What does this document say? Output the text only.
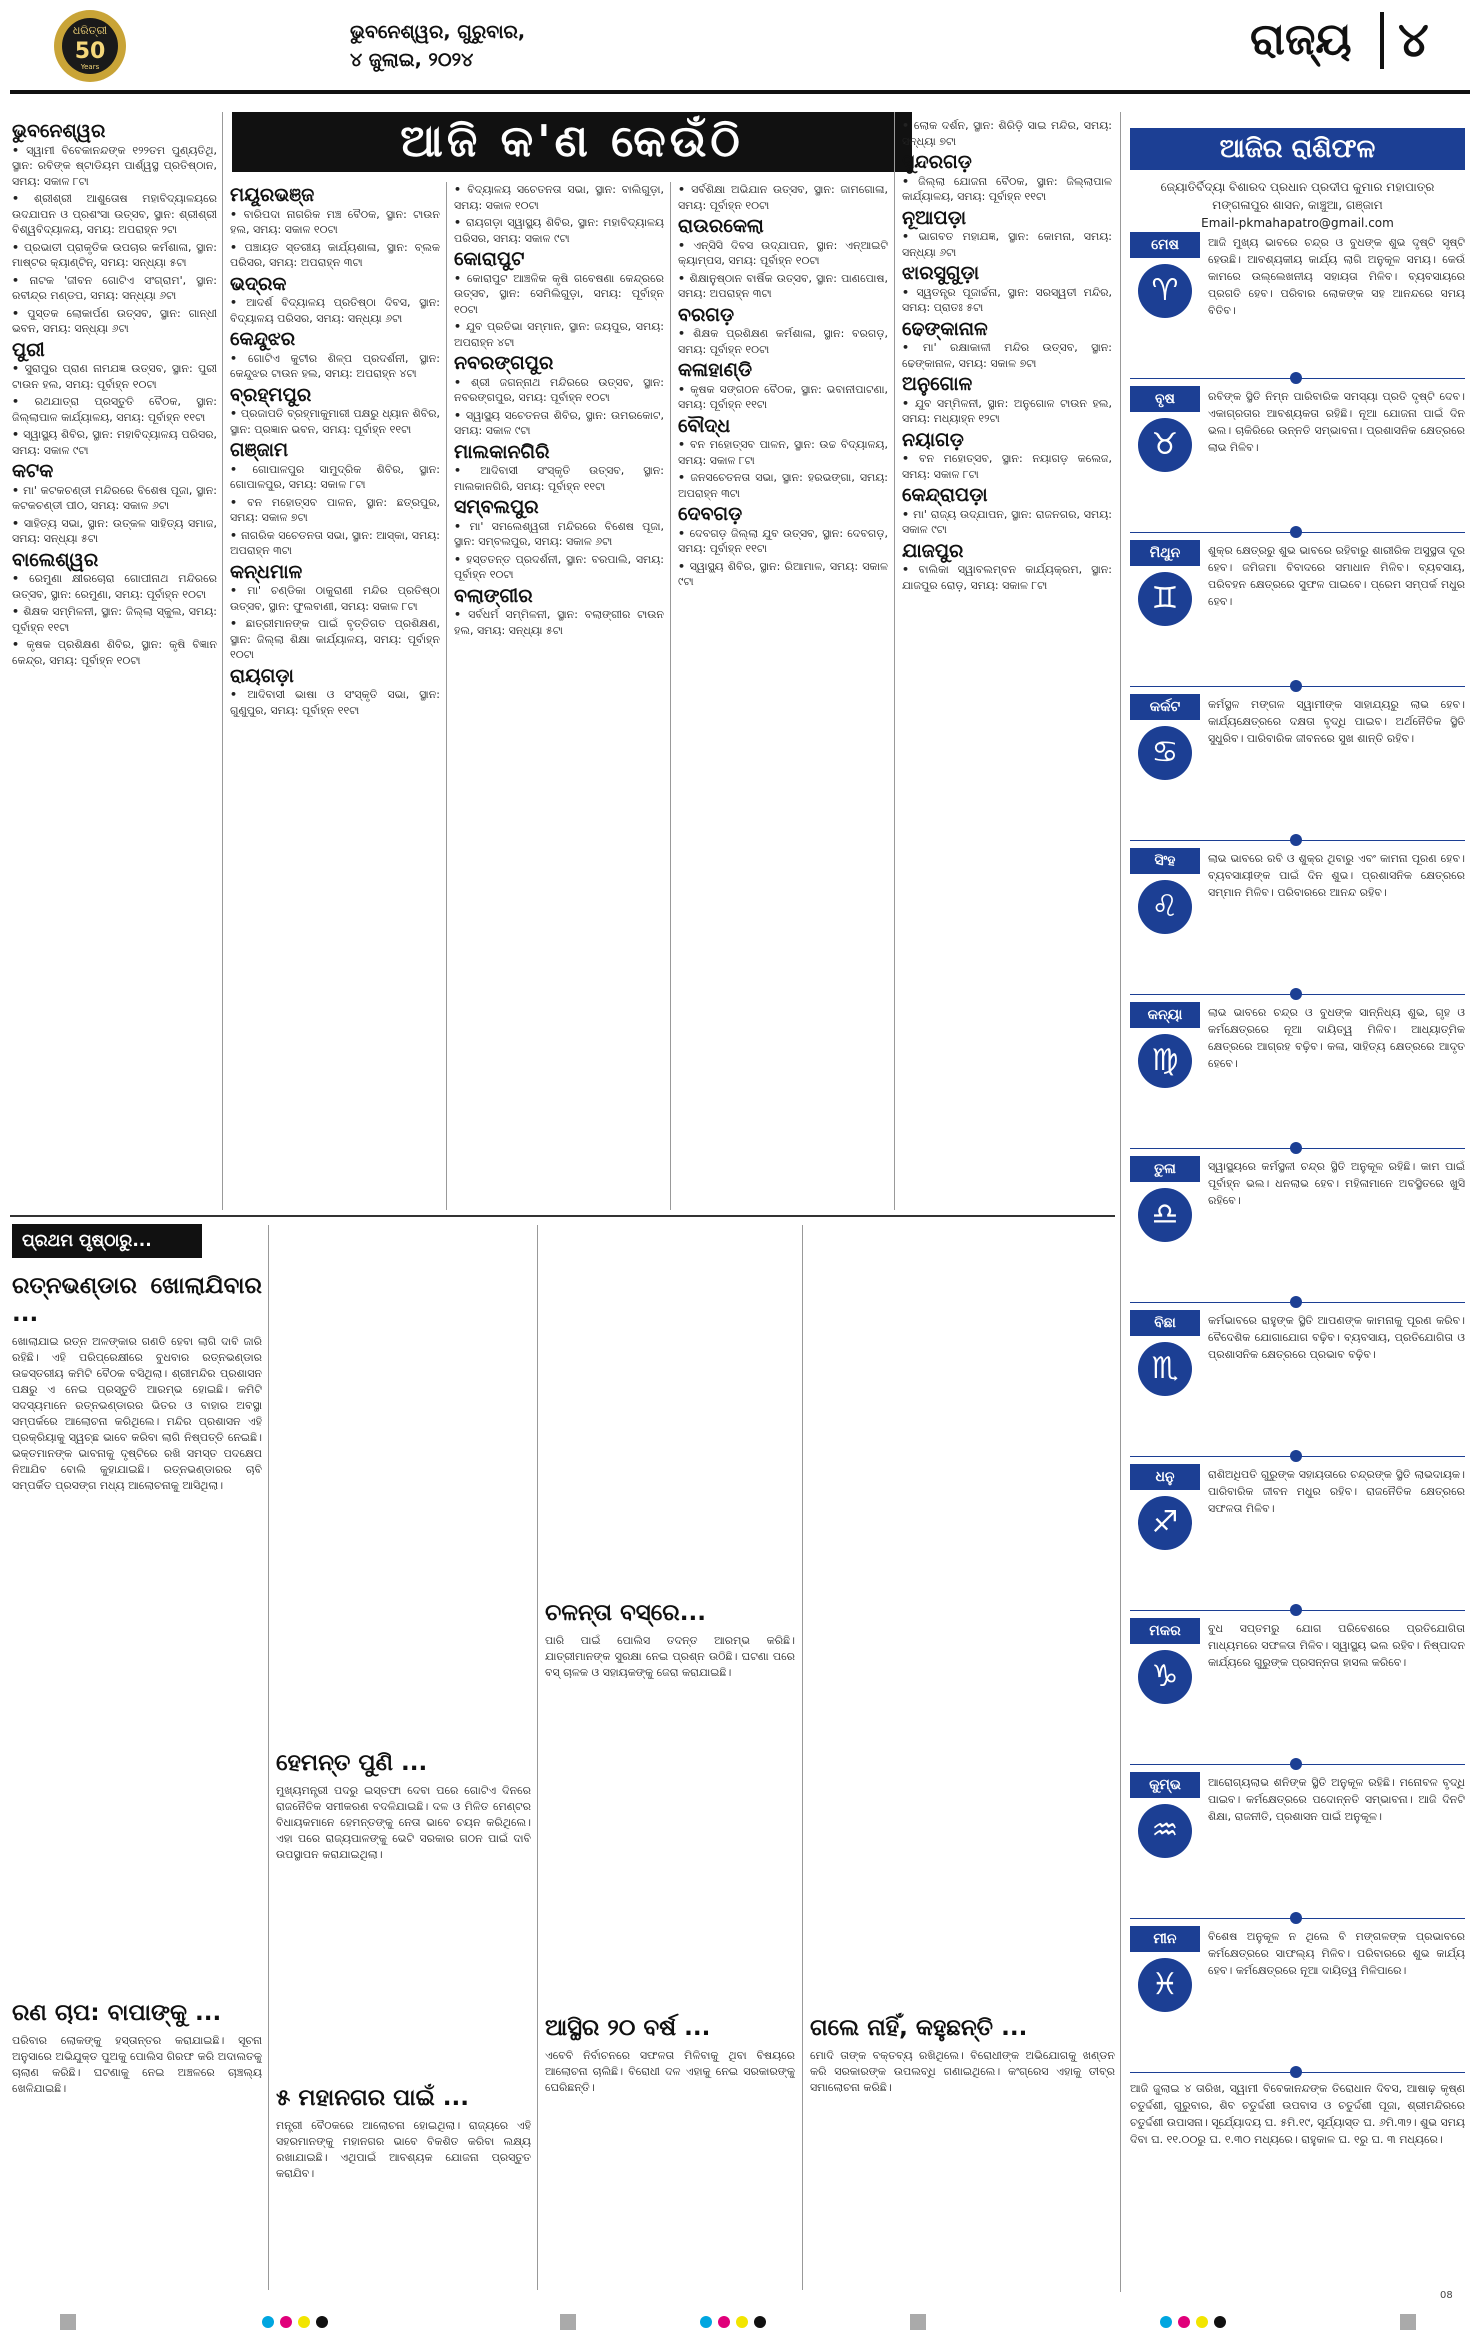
ଧରିତ୍ରୀ
50
Years
ଭୁବନେଶ୍ୱର, ଗୁରୁବାର,
୪ ଜୁଲାଇ, ୨୦୨୪	ରାଜ୍ୟ ୪
ଆଜି କ'ଣ କେଉଁଠି	ଆଜିର ରାଶିଫଳ
ଜ୍ୟୋତିର୍ବିଦ୍ୟା ବିଶାରଦ ପ୍ରଧାନ ପ୍ରଦୀପ କୁମାର ମହାପାତ୍ର
ମଙ୍ଗଳାପୁର ଶାସନ, କାଞ୍ଚୁଆ, ଗଞ୍ଜାମ
Email-pkmahapatro@gmail.com
ଭୁବନେଶ୍ୱର
• ସ୍ୱାମୀ ବିବେକାନନ୍ଦଙ୍କ ୧୨୨ତମ ପୁଣ୍ୟତିଥି, ସ୍ଥାନ: ରବିଙ୍କ ଷ୍ଟାଡିୟମ ପାର୍ଶ୍ୱସ୍ଥ ପ୍ରତିଷ୍ଠାନ, ସମୟ: ସକାଳ ୮ଟା
• ଶ୍ରୀଶ୍ରୀ ଆଶୁତୋଷ ମହାବିଦ୍ୟାଳୟରେ ଉଦଯାପନ ଓ ପ୍ରଶଂସା ଉତ୍ସବ, ସ୍ଥାନ: ଶ୍ରୀଶ୍ରୀ ବିଶ୍ୱବିଦ୍ୟାଳୟ, ସମୟ: ଅପରାହ୍ନ ୨ଟା
• ପ୍ରଭାତୀ ପ୍ରାକୃତିକ ଉପଚାର କର୍ମଶାଳା, ସ୍ଥାନ: ମାଷ୍ଟର କ୍ୟାଣ୍ଟିନ୍, ସମୟ: ସନ୍ଧ୍ୟା ୫ଟା
• ନାଟକ 'ଜୀବନ ଗୋଟିଏ ସଂଗ୍ରାମ', ସ୍ଥାନ: ରବୀନ୍ଦ୍ର ମଣ୍ଡପ, ସମୟ: ସନ୍ଧ୍ୟା ୬ଟା
• ପୁସ୍ତକ ଲୋକାର୍ପଣ ଉତ୍ସବ, ସ୍ଥାନ: ଗାନ୍ଧୀ ଭବନ, ସମୟ: ସନ୍ଧ୍ୟା ୬ଟା
ପୁରୀ
• ସୁରାପୁର ପ୍ରାଣ ନାମଯଜ୍ଞ ଉତ୍ସବ, ସ୍ଥାନ: ପୁରୀ ଟାଉନ ହଲ, ସମୟ: ପୂର୍ବାହ୍ନ ୧୦ଟା
• ରଥଯାତ୍ରା ପ୍ରସ୍ତୁତି ବୈଠକ, ସ୍ଥାନ: ଜିଲ୍ଲାପାଳ କାର୍ଯ୍ୟାଳୟ, ସମୟ: ପୂର୍ବାହ୍ନ ୧୧ଟା
• ସ୍ୱାସ୍ଥ୍ୟ ଶିବିର, ସ୍ଥାନ: ମହାବିଦ୍ୟାଳୟ ପରିସର, ସମୟ: ସକାଳ ୯ଟା
କଟକ
• ମା' କଟକଚଣ୍ଡୀ ମନ୍ଦିରରେ ବିଶେଷ ପୂଜା, ସ୍ଥାନ: କଟକଚଣ୍ଡୀ ପୀଠ, ସମୟ: ସକାଳ ୬ଟା
• ସାହିତ୍ୟ ସଭା, ସ୍ଥାନ: ଉତ୍କଳ ସାହିତ୍ୟ ସମାଜ, ସମୟ: ସନ୍ଧ୍ୟା ୫ଟା
ବାଲେଶ୍ୱର
• ରେମୁଣା କ୍ଷୀରଚୋରା ଗୋପୀନାଥ ମନ୍ଦିରରେ ଉତ୍ସବ, ସ୍ଥାନ: ରେମୁଣା, ସମୟ: ପୂର୍ବାହ୍ନ ୧୦ଟା
• ଶିକ୍ଷକ ସମ୍ମିଳନୀ, ସ୍ଥାନ: ଜିଲ୍ଲା ସ୍କୁଲ, ସମୟ: ପୂର୍ବାହ୍ନ ୧୧ଟା
• କୃଷକ ପ୍ରଶିକ୍ଷଣ ଶିବିର, ସ୍ଥାନ: କୃଷି ବିଜ୍ଞାନ କେନ୍ଦ୍ର, ସମୟ: ପୂର୍ବାହ୍ନ ୧୦ଟା
ମୟୂରଭଞ୍ଜ
• ବାରିପଦା ନାଗରିକ ମଞ୍ଚ ବୈଠକ, ସ୍ଥାନ: ଟାଉନ ହଲ, ସମୟ: ସକାଳ ୧୦ଟା
• ପଞ୍ଚାୟତ ସ୍ତରୀୟ କାର୍ଯ୍ୟଶାଳା, ସ୍ଥାନ: ବ୍ଲକ ପରିସର, ସମୟ: ଅପରାହ୍ନ ୩ଟା
ଭଦ୍ରକ
• ଆଦର୍ଶ ବିଦ୍ୟାଳୟ ପ୍ରତିଷ୍ଠା ଦିବସ, ସ୍ଥାନ: ବିଦ୍ୟାଳୟ ପରିସର, ସମୟ: ସନ୍ଧ୍ୟା ୬ଟା
କେନ୍ଦୁଝର
• ଗୋଟିଏ କୁଟୀର ଶିଳ୍ପ ପ୍ରଦର୍ଶନୀ, ସ୍ଥାନ: କେନ୍ଦୁଝର ଟାଉନ ହଲ, ସମୟ: ଅପରାହ୍ନ ୪ଟା
ବ୍ରହ୍ମପୁର
• ପ୍ରଜାପତି ବ୍ରହ୍ମାକୁମାରୀ ପକ୍ଷରୁ ଧ୍ୟାନ ଶିବିର, ସ୍ଥାନ: ପ୍ରଜ୍ଞାନ ଭବନ, ସମୟ: ପୂର୍ବାହ୍ନ ୧୧ଟା
ଗଞ୍ଜାମ
• ଗୋପାଳପୁର ସାମୁଦ୍ରିକ ଶିବିର, ସ୍ଥାନ: ଗୋପାଳପୁର, ସମୟ: ସକାଳ ୮ଟା
• ବନ ମହୋତ୍ସବ ପାଳନ, ସ୍ଥାନ: ଛତ୍ରପୁର, ସମୟ: ସକାଳ ୭ଟା
• ନାଗରିକ ସଚେତନତା ସଭା, ସ୍ଥାନ: ଆସ୍କା, ସମୟ: ଅପରାହ୍ନ ୩ଟା
କନ୍ଧମାଳ
• ମା' ଚଣ୍ଡିକା ଠାକୁରାଣୀ ମନ୍ଦିର ପ୍ରତିଷ୍ଠା ଉତ୍ସବ, ସ୍ଥାନ: ଫୁଲବାଣୀ, ସମୟ: ସକାଳ ୮ଟା
• ଛାତ୍ରୀମାନଙ୍କ ପାଇଁ ବୃତ୍ତିଗତ ପ୍ରଶିକ୍ଷଣ, ସ୍ଥାନ: ଜିଲ୍ଲା ଶିକ୍ଷା କାର୍ଯ୍ୟାଳୟ, ସମୟ: ପୂର୍ବାହ୍ନ ୧୦ଟା
ରାୟଗଡ଼ା
• ଆଦିବାସୀ ଭାଷା ଓ ସଂସ୍କୃତି ସଭା, ସ୍ଥାନ: ଗୁଣୁପୁର, ସମୟ: ପୂର୍ବାହ୍ନ ୧୧ଟା
• ବିଦ୍ୟାଳୟ ସଚେତନତା ସଭା, ସ୍ଥାନ: ବାଲିଗୁଡ଼ା, ସମୟ: ସକାଳ ୧୦ଟା
• ରାୟଗଡ଼ା ସ୍ୱାସ୍ଥ୍ୟ ଶିବିର, ସ୍ଥାନ: ମହାବିଦ୍ୟାଳୟ ପରିସର, ସମୟ: ସକାଳ ୯ଟା
କୋରାପୁଟ
• କୋରାପୁଟ ଆଞ୍ଚଳିକ କୃଷି ଗବେଷଣା କେନ୍ଦ୍ରରେ ଉତ୍ସବ, ସ୍ଥାନ: ସେମିଲିଗୁଡ଼ା, ସମୟ: ପୂର୍ବାହ୍ନ ୧୦ଟା
• ଯୁବ ପ୍ରତିଭା ସମ୍ମାନ, ସ୍ଥାନ: ଜୟପୁର, ସମୟ: ଅପରାହ୍ନ ୪ଟା
ନବରଙ୍ଗପୁର
• ଶ୍ରୀ ଜଗନ୍ନାଥ ମନ୍ଦିରରେ ଉତ୍ସବ, ସ୍ଥାନ: ନବରଙ୍ଗପୁର, ସମୟ: ପୂର୍ବାହ୍ନ ୧୦ଟା
• ସ୍ୱାସ୍ଥ୍ୟ ସଚେତନତା ଶିବିର, ସ୍ଥାନ: ଉମରକୋଟ, ସମୟ: ସକାଳ ୯ଟା
ମାଲକାନଗିରି
• ଆଦିବାସୀ ସଂସ୍କୃତି ଉତ୍ସବ, ସ୍ଥାନ: ମାଲକାନଗିରି, ସମୟ: ପୂର୍ବାହ୍ନ ୧୧ଟା
ସମ୍ବଲପୁର
• ମା' ସମଲେଶ୍ୱରୀ ମନ୍ଦିରରେ ବିଶେଷ ପୂଜା, ସ୍ଥାନ: ସମ୍ବଲପୁର, ସମୟ: ସକାଳ ୬ଟା
• ହସ୍ତତନ୍ତ ପ୍ରଦର୍ଶନୀ, ସ୍ଥାନ: ବରପାଲି, ସମୟ: ପୂର୍ବାହ୍ନ ୧୦ଟା
ବଲାଙ୍ଗୀର
• ସର୍ବଧର୍ମ ସମ୍ମିଳନୀ, ସ୍ଥାନ: ବଲାଙ୍ଗୀର ଟାଉନ ହଲ, ସମୟ: ସନ୍ଧ୍ୟା ୫ଟା
• ସର୍ବଶିକ୍ଷା ଅଭିଯାନ ଉତ୍ସବ, ସ୍ଥାନ: ଜାମଗୋଳା, ସମୟ: ପୂର୍ବାହ୍ନ ୧୦ଟା
ରାଉରକେଲା
• ଏନ୍‌ସିସି ଦିବସ ଉଦ୍‌ଯାପନ, ସ୍ଥାନ: ଏନ୍‌ଆଇଟି କ୍ୟାମ୍ପସ, ସମୟ: ପୂର୍ବାହ୍ନ ୧୦ଟା
• ଶିକ୍ଷାନୁଷ୍ଠାନ ବାର୍ଷିକ ଉତ୍ସବ, ସ୍ଥାନ: ପାଣପୋଷ, ସମୟ: ଅପରାହ୍ନ ୩ଟା
ବରଗଡ଼
• ଶିକ୍ଷକ ପ୍ରଶିକ୍ଷଣ କର୍ମଶାଳା, ସ୍ଥାନ: ବରଗଡ଼, ସମୟ: ପୂର୍ବାହ୍ନ ୧୦ଟା
କଳାହାଣ୍ଡି
• କୃଷକ ସଙ୍ଗଠନ ବୈଠକ, ସ୍ଥାନ: ଭବାନୀପାଟଣା, ସମୟ: ପୂର୍ବାହ୍ନ ୧୧ଟା
ବୌଦ୍ଧ
• ବନ ମହୋତ୍ସବ ପାଳନ, ସ୍ଥାନ: ଉଚ୍ଚ ବିଦ୍ୟାଳୟ, ସମୟ: ସକାଳ ୮ଟା
• ଜନସଚେତନତା ସଭା, ସ୍ଥାନ: ହରଭଙ୍ଗା, ସମୟ: ଅପରାହ୍ନ ୩ଟା
ଦେବଗଡ଼
• ଦେବଗଡ଼ ଜିଲ୍ଲା ଯୁବ ଉତ୍ସବ, ସ୍ଥାନ: ଦେବଗଡ଼, ସମୟ: ପୂର୍ବାହ୍ନ ୧୧ଟା
• ସ୍ୱାସ୍ଥ୍ୟ ଶିବିର, ସ୍ଥାନ: ରିଆମାଳ, ସମୟ: ସକାଳ ୯ଟା
• ଲୋକ ଦର୍ଶନ, ସ୍ଥାନ: ଶିରିଡ଼ି ସାଇ ମନ୍ଦିର, ସମୟ: ସନ୍ଧ୍ୟା ୭ଟା
ସୁନ୍ଦରଗଡ଼
• ଜିଲ୍ଲା ଯୋଜନା ବୈଠକ, ସ୍ଥାନ: ଜିଲ୍ଲାପାଳ କାର୍ଯ୍ୟାଳୟ, ସମୟ: ପୂର୍ବାହ୍ନ ୧୧ଟା
ନୂଆପଡ଼ା
• ଭାଗବତ ମହାଯଜ୍ଞ, ସ୍ଥାନ: କୋମନା, ସମୟ: ସନ୍ଧ୍ୟା ୬ଟା
ଝାରସୁଗୁଡ଼ା
• ସ୍ୱତନ୍ତ୍ର ପୂଜାର୍ଚ୍ଚନା, ସ୍ଥାନ: ସରସ୍ୱତୀ ମନ୍ଦିର, ସମୟ: ପ୍ରାତଃ ୫ଟା
ଢେଙ୍କାନାଳ
• ମା' ରକ୍ଷାକାଳୀ ମନ୍ଦିର ଉତ୍ସବ, ସ୍ଥାନ: ଢେଙ୍କାନାଳ, ସମୟ: ସକାଳ ୭ଟା
ଅନୁଗୋଳ
• ଯୁବ ସମ୍ମିଳନୀ, ସ୍ଥାନ: ଅନୁଗୋଳ ଟାଉନ ହଲ, ସମୟ: ମଧ୍ୟାହ୍ନ ୧୨ଟା
ନୟାଗଡ଼
• ବନ ମହୋତ୍ସବ, ସ୍ଥାନ: ନୟାଗଡ଼ କଲେଜ, ସମୟ: ସକାଳ ୮ଟା
କେନ୍ଦ୍ରାପଡ଼ା
• ମା' ରାଜ୍ୟ ଉଦ୍‌ଯାପନ, ସ୍ଥାନ: ରାଜନଗର, ସମୟ: ସକାଳ ୯ଟା
ଯାଜପୁର
• ବାଲିକା ସ୍ୱାବଲମ୍ବନ କାର୍ଯ୍ୟକ୍ରମ, ସ୍ଥାନ: ଯାଜପୁର ରୋଡ଼, ସମୟ: ସକାଳ ୮ଟା
ପ୍ରଥମ ପୃଷ୍ଠାରୁ...
ରତ୍ନଭଣ୍ଡାର ଖୋଲାଯିବାର ...
ଖୋଲାଯାଇ ରତ୍ନ ଅଳଙ୍କାର ଗଣତି ହେବା ଲାଗି ଦାବି ଜାରି ରହିଛି। ଏହି ପରିପ୍ରେକ୍ଷୀରେ ବୁଧବାର ରତ୍ନଭଣ୍ଡାର ଉଚ୍ଚସ୍ତରୀୟ କମିଟି ବୈଠକ ବସିଥିଲା। ଶ୍ରୀମନ୍ଦିର ପ୍ରଶାସନ ପକ୍ଷରୁ ଏ ନେଇ ପ୍ରସ୍ତୁତି ଆରମ୍ଭ ହୋଇଛି। କମିଟି ସଦସ୍ୟମାନେ ରତ୍ନଭଣ୍ଡାରର ଭିତର ଓ ବାହାର ଅବସ୍ଥା ସମ୍ପର୍କରେ ଆଲୋଚନା କରିଥିଲେ। ମନ୍ଦିର ପ୍ରଶାସନ ଏହି ପ୍ରକ୍ରିୟାକୁ ସ୍ୱଚ୍ଛ ଭାବେ କରିବା ଲାଗି ନିଷ୍ପତ୍ତି ନେଇଛି। ଭକ୍ତମାନଙ୍କ ଭାବନାକୁ ଦୃଷ୍ଟିରେ ରଖି ସମସ୍ତ ପଦକ୍ଷେପ ନିଆଯିବ ବୋଲି କୁହାଯାଇଛି। ରତ୍ନଭଣ୍ଡାରର ଚାବି ସମ୍ପର୍କିତ ପ୍ରସଙ୍ଗ ମଧ୍ୟ ଆଲୋଚନାକୁ ଆସିଥିଲା।
ରଣ ଚାପ: ବାପାଙ୍କୁ ...
ପରିବାର ଲୋକଙ୍କୁ ହସ୍ତାନ୍ତର କରାଯାଇଛି। ସୂଚନା ଅନୁସାରେ ଅଭିଯୁକ୍ତ ପୁଅକୁ ପୋଲିସ ଗିରଫ କରି ଅଦାଲତକୁ ଚାଲାଣ କରିଛି। ଘଟଣାକୁ ନେଇ ଅଞ୍ଚଳରେ ଚାଞ୍ଚଲ୍ୟ ଖେଳିଯାଇଛି।
ହେମନ୍ତ ପୁଣି ...
ମୁଖ୍ୟମନ୍ତ୍ରୀ ପଦରୁ ଇସ୍ତଫା ଦେବା ପରେ ଗୋଟିଏ ଦିନରେ ରାଜନୈତିକ ସମୀକରଣ ବଦଳିଯାଇଛି। ଦଳ ଓ ମିଳିତ ମେଣ୍ଟର ବିଧାୟକମାନେ ହେମନ୍ତଙ୍କୁ ନେତା ଭାବେ ଚୟନ କରିଥିଲେ। ଏହା ପରେ ରାଜ୍ୟପାଳଙ୍କୁ ଭେଟି ସରକାର ଗଠନ ପାଇଁ ଦାବି ଉପସ୍ଥାପନ କରାଯାଇଥିଲା।
୫ ମହାନଗର ପାଇଁ ...
ମନ୍ତ୍ରୀ ବୈଠକରେ ଆଲୋଚନା ହୋଇଥିଲା। ରାଜ୍ୟରେ ଏହି ସହରମାନଙ୍କୁ ମହାନଗର ଭାବେ ବିକଶିତ କରିବା ଲକ୍ଷ୍ୟ ରଖାଯାଇଛି। ଏଥିପାଇଁ ଆବଶ୍ୟକ ଯୋଜନା ପ୍ରସ୍ତୁତ କରାଯିବ।
ଚଳନ୍ତା ବସ୍‌ରେ...
ପାରି ପାଇଁ ପୋଲିସ ତଦନ୍ତ ଆରମ୍ଭ କରିଛି। ଯାତ୍ରୀମାନଙ୍କ ସୁରକ୍ଷା ନେଇ ପ୍ରଶ୍ନ ଉଠିଛି। ଘଟଣା ପରେ ବସ୍ ଚାଳକ ଓ ସହାୟକଙ୍କୁ ଜେରା କରାଯାଇଛି।
ଆସ୍ଥିର ୨୦ ବର୍ଷ ...
ଏବେବି ନିର୍ବାଚନରେ ସଫଳତା ମିଳିବାକୁ ଥିବା ବିଷୟରେ ଆଲୋଚନା ଚାଲିଛି। ବିରୋଧୀ ଦଳ ଏହାକୁ ନେଇ ସରକାରଙ୍କୁ ଘେରିଛନ୍ତି।
ଗଲେ ନାହିଁ, କହୁଛନ୍ତି ...
ମୋଦି ତାଙ୍କ ବକ୍ତବ୍ୟ ରଖିଥିଲେ। ବିରୋଧୀଙ୍କ ଅଭିଯୋଗକୁ ଖଣ୍ଡନ କରି ସରକାରଙ୍କ ଉପଲବ୍ଧି ଗଣାଇଥିଲେ। କଂଗ୍ରେସ ଏହାକୁ ତୀବ୍ର ସମାଲୋଚନା କରିଛି।
ମେଷ
♈
ଆଜି ମୁଖ୍ୟ ଭାବରେ ଚନ୍ଦ୍ର ଓ ବୁଧଙ୍କ ଶୁଭ ଦୃଷ୍ଟି ସୃଷ୍ଟି ହେଉଛି। ଆବଶ୍ୟକୀୟ କାର୍ଯ୍ୟ ଲାଗି ଅନୁକୂଳ ସମୟ। କେଉଁ କାମରେ ଉଲ୍ଲେଖନୀୟ ସହାୟତା ମିଳିବ। ବ୍ୟବସାୟରେ ପ୍ରଗତି ହେବ। ପରିବାର ଲୋକଙ୍କ ସହ ଆନନ୍ଦରେ ସମୟ ବିତିବ।
ବୃଷ
♉
ରବିଙ୍କ ସ୍ଥିତି ନିମ୍ନ ପାରିବାରିକ ସମସ୍ୟା ପ୍ରତି ଦୃଷ୍ଟି ଦେବ। ଏକାଗ୍ରତାର ଆବଶ୍ୟକତା ରହିଛି। ନୂଆ ଯୋଜନା ପାଇଁ ଦିନ ଭଲ। ଚାକିରିରେ ଉନ୍ନତି ସମ୍ଭାବନା। ପ୍ରଶାସନିକ କ୍ଷେତ୍ରରେ ଲାଭ ମିଳିବ।
ମିଥୁନ
♊
ଶୁକ୍ର କ୍ଷେତ୍ରରୁ ଶୁଭ ଭାବରେ ରହିବାରୁ ଶାରୀରିକ ଅସୁସ୍ଥତା ଦୂର ହେବ। ଜମିଜମା ବିବାଦରେ ସମାଧାନ ମିଳିବ। ବ୍ୟବସାୟ, ପରିବହନ କ୍ଷେତ୍ରରେ ସୁଫଳ ପାଇବେ। ପ୍ରେମ ସମ୍ପର୍କ ମଧୁର ହେବ।
କର୍କଟ
♋
କର୍ମସ୍ଥଳ ମଙ୍ଗଳ ସ୍ୱାମୀଙ୍କ ସାହାଯ୍ୟରୁ ଲାଭ ହେବ। କାର୍ଯ୍ୟକ୍ଷେତ୍ରରେ ଦକ୍ଷତା ବୃଦ୍ଧି ପାଇବ। ଅର୍ଥନୈତିକ ସ୍ଥିତି ସୁଧୁରିବ। ପାରିବାରିକ ଜୀବନରେ ସୁଖ ଶାନ୍ତି ରହିବ।
ସିଂହ
♌
ଲାଭ ଭାବରେ ରବି ଓ ଶୁକ୍ର ଥିବାରୁ ଏବଂ କାମନା ପୂରଣ ହେବ। ବ୍ୟବସାୟୀଙ୍କ ପାଇଁ ଦିନ ଶୁଭ। ପ୍ରଶାସନିକ କ୍ଷେତ୍ରରେ ସମ୍ମାନ ମିଳିବ। ପରିବାରରେ ଆନନ୍ଦ ରହିବ।
କନ୍ୟା
♍
ଲାଭ ଭାବରେ ଚନ୍ଦ୍ର ଓ ବୁଧଙ୍କ ସାନ୍ନିଧ୍ୟ ଶୁଭ, ଗୃହ ଓ କର୍ମକ୍ଷେତ୍ରରେ ନୂଆ ଦାୟିତ୍ୱ ମିଳିବ। ଆଧ୍ୟାତ୍ମିକ କ୍ଷେତ୍ରରେ ଆଗ୍ରହ ବଢ଼ିବ। କଳା, ସାହିତ୍ୟ କ୍ଷେତ୍ରରେ ଆଦୃତ ହେବେ।
ତୁଳା
♎
ସ୍ୱାସ୍ଥ୍ୟରେ କର୍ମସ୍ଥଳୀ ଚନ୍ଦ୍ର ସ୍ଥିତି ଅନୁକୂଳ ରହିଛି। କାମ ପାଇଁ ପୂର୍ବାହ୍ନ ଭଲ। ଧନଲାଭ ହେବ। ମହିଳାମାନେ ଅବସ୍ଥିତରେ ଖୁସି ରହିବେ।
ବିଛା
♏
କର୍ମଭାବରେ ରାହୁଙ୍କ ସ୍ଥିତି ଆପଣଙ୍କ କାମନାକୁ ପୂରଣ କରିବ। ବୈଦେଶିକ ଯୋଗାଯୋଗ ବଢ଼ିବ। ବ୍ୟବସାୟ, ପ୍ରତିଯୋଗିତା ଓ ପ୍ରଶାସନିକ କ୍ଷେତ୍ରରେ ପ୍ରଭାବ ବଢ଼ିବ।
ଧନୁ
♐
ରାଶିଅଧିପତି ଗୁରୁଙ୍କ ସହାୟତାରେ ଚନ୍ଦ୍ରଙ୍କ ସ୍ଥିତି ଲାଭଦାୟକ। ପାରିବାରିକ ଜୀବନ ମଧୁର ରହିବ। ରାଜନୈତିକ କ୍ଷେତ୍ରରେ ସଫଳତା ମିଳିବ।
ମକର
♑
ବୁଧ ସପ୍ତମରୁ ଯୋଗ ପରିବେଶରେ ପ୍ରତିଯୋଗିତା ମାଧ୍ୟମରେ ସଫଳତା ମିଳିବ। ସ୍ୱାସ୍ଥ୍ୟ ଭଲ ରହିବ। ନିଷ୍ପାଦନ କାର୍ଯ୍ୟରେ ଗୁରୁଙ୍କ ପ୍ରସନ୍ନତା ହାସଲ କରିବେ।
କୁମ୍ଭ
♒
ଆରୋଗ୍ୟଲାଭ ଶନିଙ୍କ ସ୍ଥିତି ଅନୁକୂଳ ରହିଛି। ମନୋବଳ ବୃଦ୍ଧି ପାଇବ। କର୍ମକ୍ଷେତ୍ରରେ ପଦୋନ୍ନତି ସମ୍ଭାବନା। ଆଜି ଦିନଟି ଶିକ୍ଷା, ରାଜନୀତି, ପ୍ରଶାସନ ପାଇଁ ଅନୁକୂଳ।
ମୀନ
♓
ବିଶେଷ ଅନୁକୂଳ ନ ଥିଲେ ବି ମଙ୍ଗଳଙ୍କ ପ୍ରଭାବରେ କର୍ମକ୍ଷେତ୍ରରେ ସାଫଲ୍ୟ ମିଳିବ। ପରିବାରରେ ଶୁଭ କାର୍ଯ୍ୟ ହେବ। କର୍ମକ୍ଷେତ୍ରରେ ନୂଆ ଦାୟିତ୍ୱ ମିଳିପାରେ।
ଆଜି ଜୁଲାଇ ୪ ତାରିଖ, ସ୍ୱାମୀ ବିବେକାନନ୍ଦଙ୍କ ତିରୋଧାନ ଦିବସ, ଆଷାଢ଼ କୃଷ୍ଣ ଚତୁର୍ଦ୍ଦଶୀ, ଗୁରୁବାର, ଶିବ ଚତୁର୍ଦ୍ଦଶୀ ଉପବାସ ଓ ଚତୁର୍ଦ୍ଦଶୀ ପୂଜା, ଶ୍ରୀମନ୍ଦିରରେ ଚତୁର୍ଦ୍ଦଶୀ ଉପାସନା। ସୂର୍ଯ୍ୟୋଦୟ ଘ. ୫ମି.୧୯, ସୂର୍ଯ୍ୟାସ୍ତ ଘ. ୬ମି.୩୨। ଶୁଭ ସମୟ ଦିବା ଘ. ୧୧.୦୦ରୁ ଘ. ୧.୩୦ ମଧ୍ୟରେ। ରାହୁକାଳ ଘ. ୧ରୁ ଘ. ୩ ମଧ୍ୟରେ।
08
